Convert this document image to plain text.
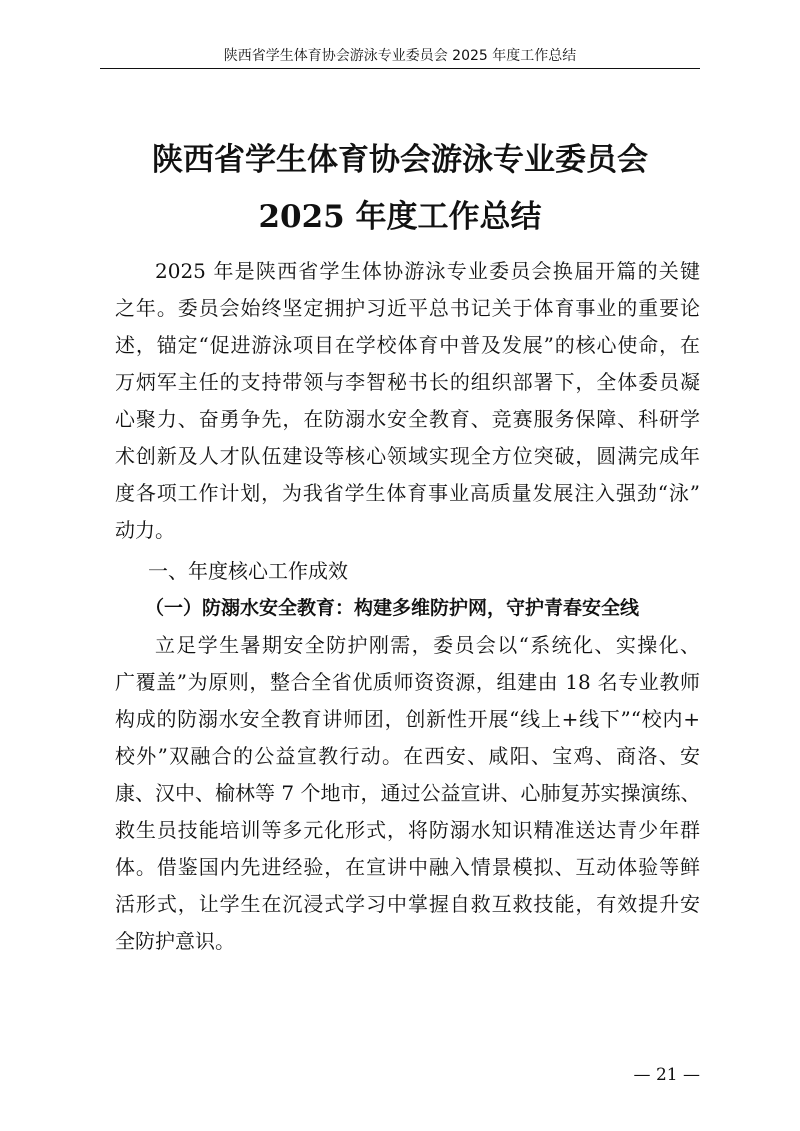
陕西省学生体育协会游泳专业委员会 2025 年度工作总结
陕西省学生体育协会游泳专业委员会
2025 年度工作总结
2025 年是陕西省学生体协游泳专业委员会换届开篇的关键
之年。委员会始终坚定拥护习近平总书记关于体育事业的重要论
述，锚定“促进游泳项目在学校体育中普及发展”的核心使命，在
万炳军主任的支持带领与李智秘书长的组织部署下，全体委员凝
心聚力、奋勇争先，在防溺水安全教育、竞赛服务保障、科研学
术创新及人才队伍建设等核心领域实现全方位突破，圆满完成年
度各项工作计划，为我省学生体育事业高质量发展注入强劲“泳”
动力。
一、年度核心工作成效
（一）防溺水安全教育：构建多维防护网，守护青春安全线
立足学生暑期安全防护刚需，委员会以“系统化、实操化、
广覆盖”为原则，整合全省优质师资资源，组建由 18 名专业教师
构成的防溺水安全教育讲师团，创新性开展“线上+线下”“校内+
校外”双融合的公益宣教行动。在西安、咸阳、宝鸡、商洛、安
康、汉中、榆林等 7 个地市，通过公益宣讲、心肺复苏实操演练、
救生员技能培训等多元化形式，将防溺水知识精准送达青少年群
体。借鉴国内先进经验，在宣讲中融入情景模拟、互动体验等鲜
活形式，让学生在沉浸式学习中掌握自救互救技能，有效提升安
全防护意识。
— 21 —
